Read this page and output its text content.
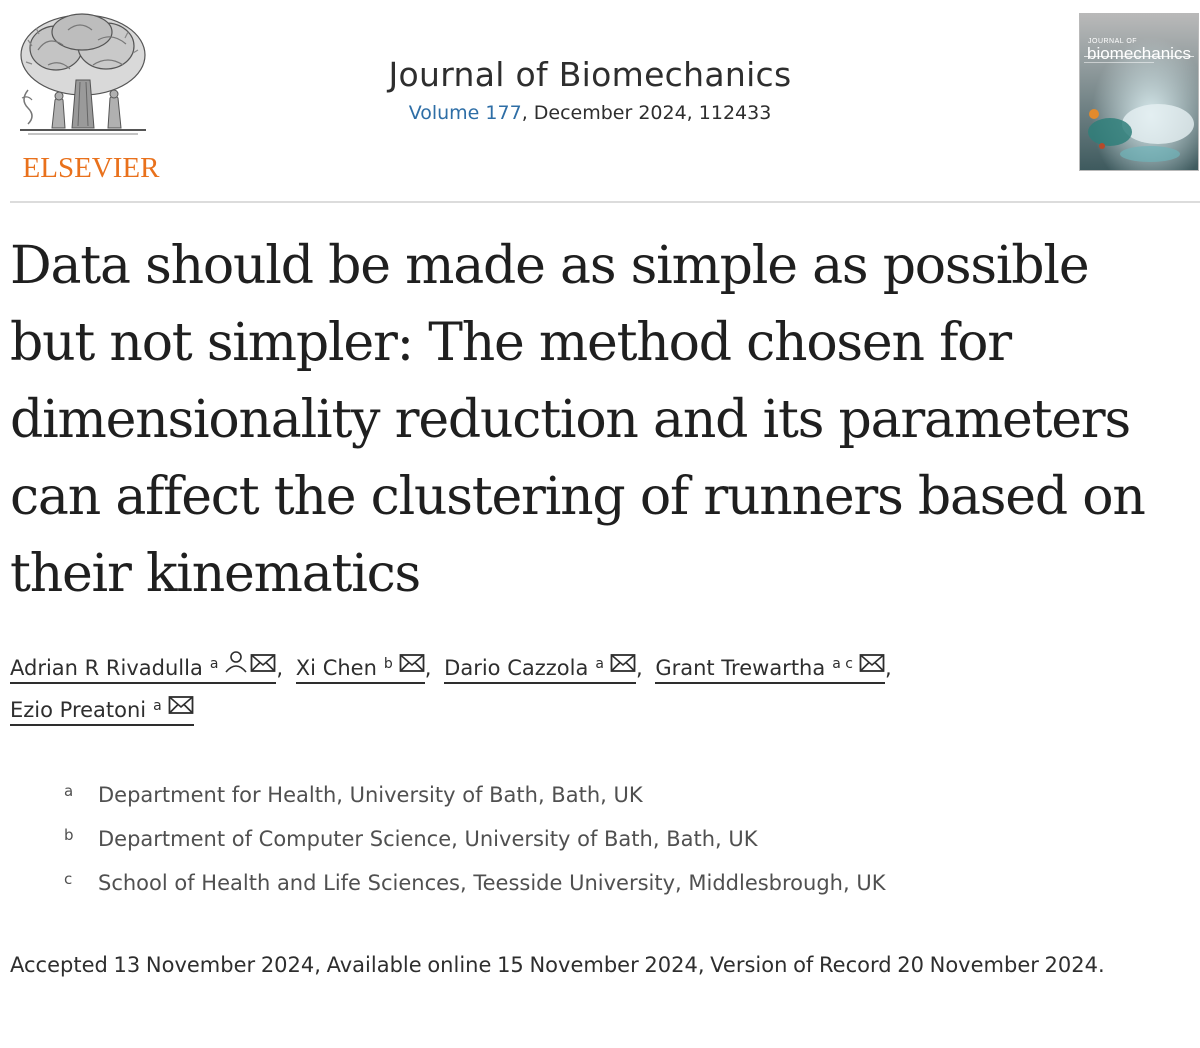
ELSEVIER
Journal of Biomechanics
Volume 177, December 2024, 112433
JOURNAL OF
biomechanics
Data should be made as simple as possible
but not simpler: The method chosen for
dimensionality reduction and its parameters
can affect the clustering of runners based on
their kinematics
Adrian R Rivadulla $^a$	, Xi Chen $^b$ , Dario Cazzola $^a$ , Grant Trewartha $^{a c}$ ,
Ezio Preatoni $^a$
a	Department for Health, University of Bath, Bath, UK
b	Department of Computer Science, University of Bath, Bath, UK
c	School of Health and Life Sciences, Teesside University, Middlesbrough, UK
Accepted 13 November 2024, Available online 15 November 2024, Version of Record 20 November 2024.
